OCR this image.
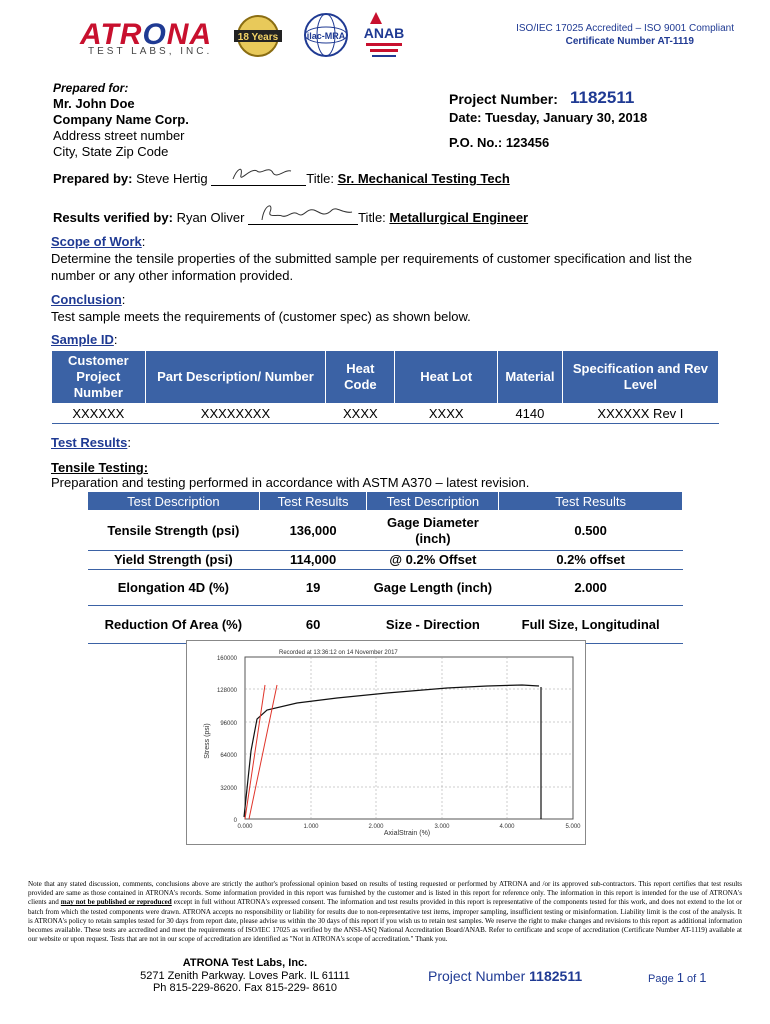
ATRONA
TEST LABS, INC.
18 Years	ilac-MRA ANAB	ISO/IEC 17025 Accredited – ISO 9001 Compliant
Certificate Number AT-1119
Prepared for:
Mr. John Doe
Company Name Corp.
Address street number
City, State Zip Code
Project Number: 1182511
Date: Tuesday, January 30, 2018
P.O. No.: 123456
Prepared by: Steve Hertig	Title: Sr. Mechanical Testing Tech
Results verified by: Ryan Oliver	Title: Metallurgical Engineer
Scope of Work:
Determine the tensile properties of the submitted sample per requirements of customer specification and list the number or any other information provided.
Conclusion:
Test sample meets the requirements of (customer spec) as shown below.
Sample ID:
Customer Project Number	Part Description/ Number	Heat Code	Heat Lot	Material	Specification and Rev Level
XXXXXX	XXXXXXXX	XXXX	XXXX	4140	XXXXXX Rev I
Test Results:
Tensile Testing:
Preparation and testing performed in accordance with ASTM A370 – latest revision.
Test Description	Test Results	Test Description	Test Results
Tensile Strength (psi)	136,000	Gage Diameter (inch)	0.500
Yield Strength (psi)	114,000	@ 0.2% Offset	0.2% offset
Elongation 4D (%)	19	Gage Length (inch)	2.000
Reduction Of Area (%)	60	Size - Direction	Full Size, Longitudinal
Recorded at 13:36:12 on 14 November 2017
160000
128000
96000
64000
32000
0
0.000	1.000	2.000	3.000	4.000	5.000
AxialStrain (%)
Stress (psi)
Note that any stated discussion, comments, conclusions above are strictly the author's professional opinion based on results of testing requested or performed by ATRONA and /or its approved sub-contractors. This report certifies that test results provided are same as those contained in ATRONA's records. Some information provided in this report was furnished by the customer and is listed in this report for reference only. The information in this report is intended for the use of ATRONA's clients and may not be published or reproduced except in full without ATRONA's expressed consent. The information and test results provided in this report is representative of the components tested for this work, and does not extend to the lot or batch from which the tested components were drawn. ATRONA accepts no responsibility or liability for results due to non-representative test items, improper sampling, insufficient testing or misinformation. Liability limit is the cost of the analysis. It is ATRONA's policy to retain samples tested for 30 days from report date, please advise us within the 30 days of this report if you wish us to retain test samples. We reserve the right to make changes and revisions to this report as additional information becomes available. These tests are accredited and meet the requirements of ISO/IEC 17025 as verified by the ANSI-ASQ National Accreditation Board/ANAB. Refer to certificate and scope of accreditation (Certificate Number AT-1119) available at our website or upon request. Tests that are not in our scope of accreditation are identified as "Not in ATRONA's scope of accreditation." Thank you.
ATRONA Test Labs, Inc.
5271 Zenith Parkway. Loves Park. IL 61111
Ph 815-229-8620. Fax 815-229- 8610
Project Number 1182511	Page 1 of 1
